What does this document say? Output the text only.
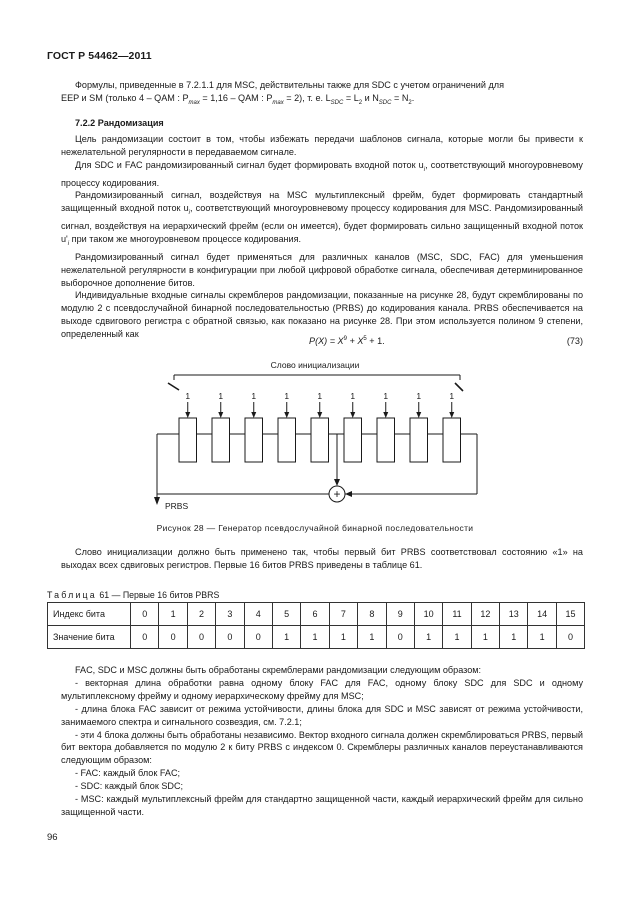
ГОСТ Р 54462—2011

Формулы, приведенные в 7.2.1.1 для MSC, действительны также для SDC с учетом ограничений для

EEP и SM (только 4 – QAM : $P_{max} = 1,16$ – QAM : $P_{max} = 2$), т. е. $L_{SDC} = L_2$ и $N_{SDC} = N_2$.

7.2.2 Рандомизация

Цель рандомизации состоит в том, чтобы избежать передачи шаблонов сигнала, которые могли бы привести к нежелательной регулярности в передаваемом сигнале.

Для SDC и FAC рандомизированный сигнал будет формировать входной поток $u_i$, соответствующий многоуровневому процессу кодирования.

Рандомизированный сигнал, воздействуя на MSC мультиплексный фрейм, будет формировать стандартный защищенный входной поток $u_i$, соответствующий многоуровневому процессу кодирования для MSC. Рандомизированный сигнал, воздействуя на иерархический фрейм (если он имеется), будет формировать сильно защищенный входной поток $u'_i$ при таком же многоуровневом процессе кодирования.

Рандомизированный сигнал будет применяться для различных каналов (MSC, SDC, FAC) для уменьшения нежелательной регулярности в конфигурации при любой цифровой обработке сигнала, обеспечивая детерминированное выборочное дополнение битов.

Индивидуальные входные сигналы скремблеров рандомизации, показанные на рисунке 28, будут скремблированы по модулю 2 с псевдослучайной бинарной последовательностью (PRBS) до кодирования канала. PRBS обеспечивается на выходе сдвигового регистра с обратной связью, как показано на рисунке 28. При этом используется полином 9 степени, определенный как

$P(X) = X^9 + X^5 + 1$.	(73)
+
PRBS
Слово инициализации
1	1	1	1	1	1	1	1	1
Рисунок 28 — Генератор псевдослучайной бинарной последовательности

Слово инициализации должно быть применено так, чтобы первый бит PRBS соответствовал состоянию «1» на выходах всех сдвиговых регистров. Первые 16 битов PRBS приведены в таблице 61.

Таблица 61 — Первые 16 битов PBRS
Индекс бита	0	1	2	3	4	5	6	7	8	9	10	11	12	13	14	15
Значение бита	0	0	0	0	0	1	1	1	1	0	1	1	1	1	1	0

FAC, SDC и MSC должны быть обработаны скремблерами рандомизации следующим образом:

- векторная длина обработки равна одному блоку FAC для FAC, одному блоку SDC для SDC и одному мультиплексному фрейму и одному иерархическому фрейму для MSC;

- длина блока FAC зависит от режима устойчивости, длины блока для SDC и MSC зависят от режима устойчивости, занимаемого спектра и сигнального созвездия, см. 7.2.1;

- эти 4 блока должны быть обработаны независимо. Вектор входного сигнала должен скремблироваться PRBS, первый бит вектора добавляется по модулю 2 к биту PRBS с индексом 0. Скремблеры различных каналов переустанавливаются следующим образом:

- FAC: каждый блок FAC;

- SDC: каждый блок SDC;

- MSC: каждый мультиплексный фрейм для стандартно защищенной части, каждый иерархический фрейм для сильно защищенной части.

96
